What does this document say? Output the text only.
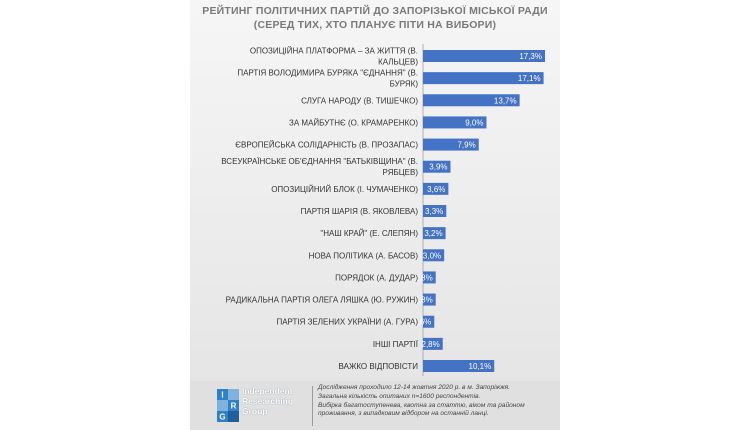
РЕЙТИНГ ПОЛІТИЧНИХ ПАРТІЙ ДО ЗАПОРІЗЬКОЇ МІСЬКОЇ РАДИ
(СЕРЕД ТИХ, ХТО ПЛАНУЄ ПІТИ НА ВИБОРИ)
17,3%
ОПОЗИЦІЙНА ПЛАТФОРМА – ЗА ЖИТТЯ (В.
КАЛЬЦЕВ)
17,1%
ПАРТІЯ ВОЛОДИМИРА БУРЯКА "ЄДНАННЯ" (В.
БУРЯК)
13,7%
СЛУГА НАРОДУ (В. ТИШЕЧКО)
9,0%
ЗА МАЙБУТНЄ (О. КРАМАРЕНКО)
7,9%
ЄВРОПЕЙСЬКА СОЛІДАРНІСТЬ (В. ПРОЗАПАС)
3,9%
ВСЕУКРАЇНСЬКЕ ОБ'ЄДНАННЯ "БАТЬКІВЩИНА" (В.
РЯБЦЕВ)
3,6%
ОПОЗИЦІЙНИЙ БЛОК (І. ЧУМАЧЕНКО)
3,3%
ПАРТІЯ ШАРІЯ (В. ЯКОВЛЕВА)
3,2%
"НАШ КРАЙ" (Е. СЛЕПЯН)
3,0%
НОВА ПОЛІТИКА (А. БАСОВ)
1,8%
ПОРЯДОК (А. ДУДАР)
1,8%
РАДИКАЛЬНА ПАРТІЯ ОЛЕГА ЛЯШКА (Ю. РУЖИН)
1,6%
ПАРТІЯ ЗЕЛЕНИХ УКРАЇНИ (А. ГУРА)
2,8%
ІНШІ ПАРТІЇ
10,1%
ВАЖКО ВІДПОВІСТИ
І
R
G
Independent
Researching
Group
Дослідження проходило 12-14 жовтня 2020 р. в м. Запоріжжя.
Загальна кількість опитаних n=1600 респондентів.
Вибірка багатоступенева, квотна за статтю, віком та районом
проживання, з випадковим відбором на останній ланці.
